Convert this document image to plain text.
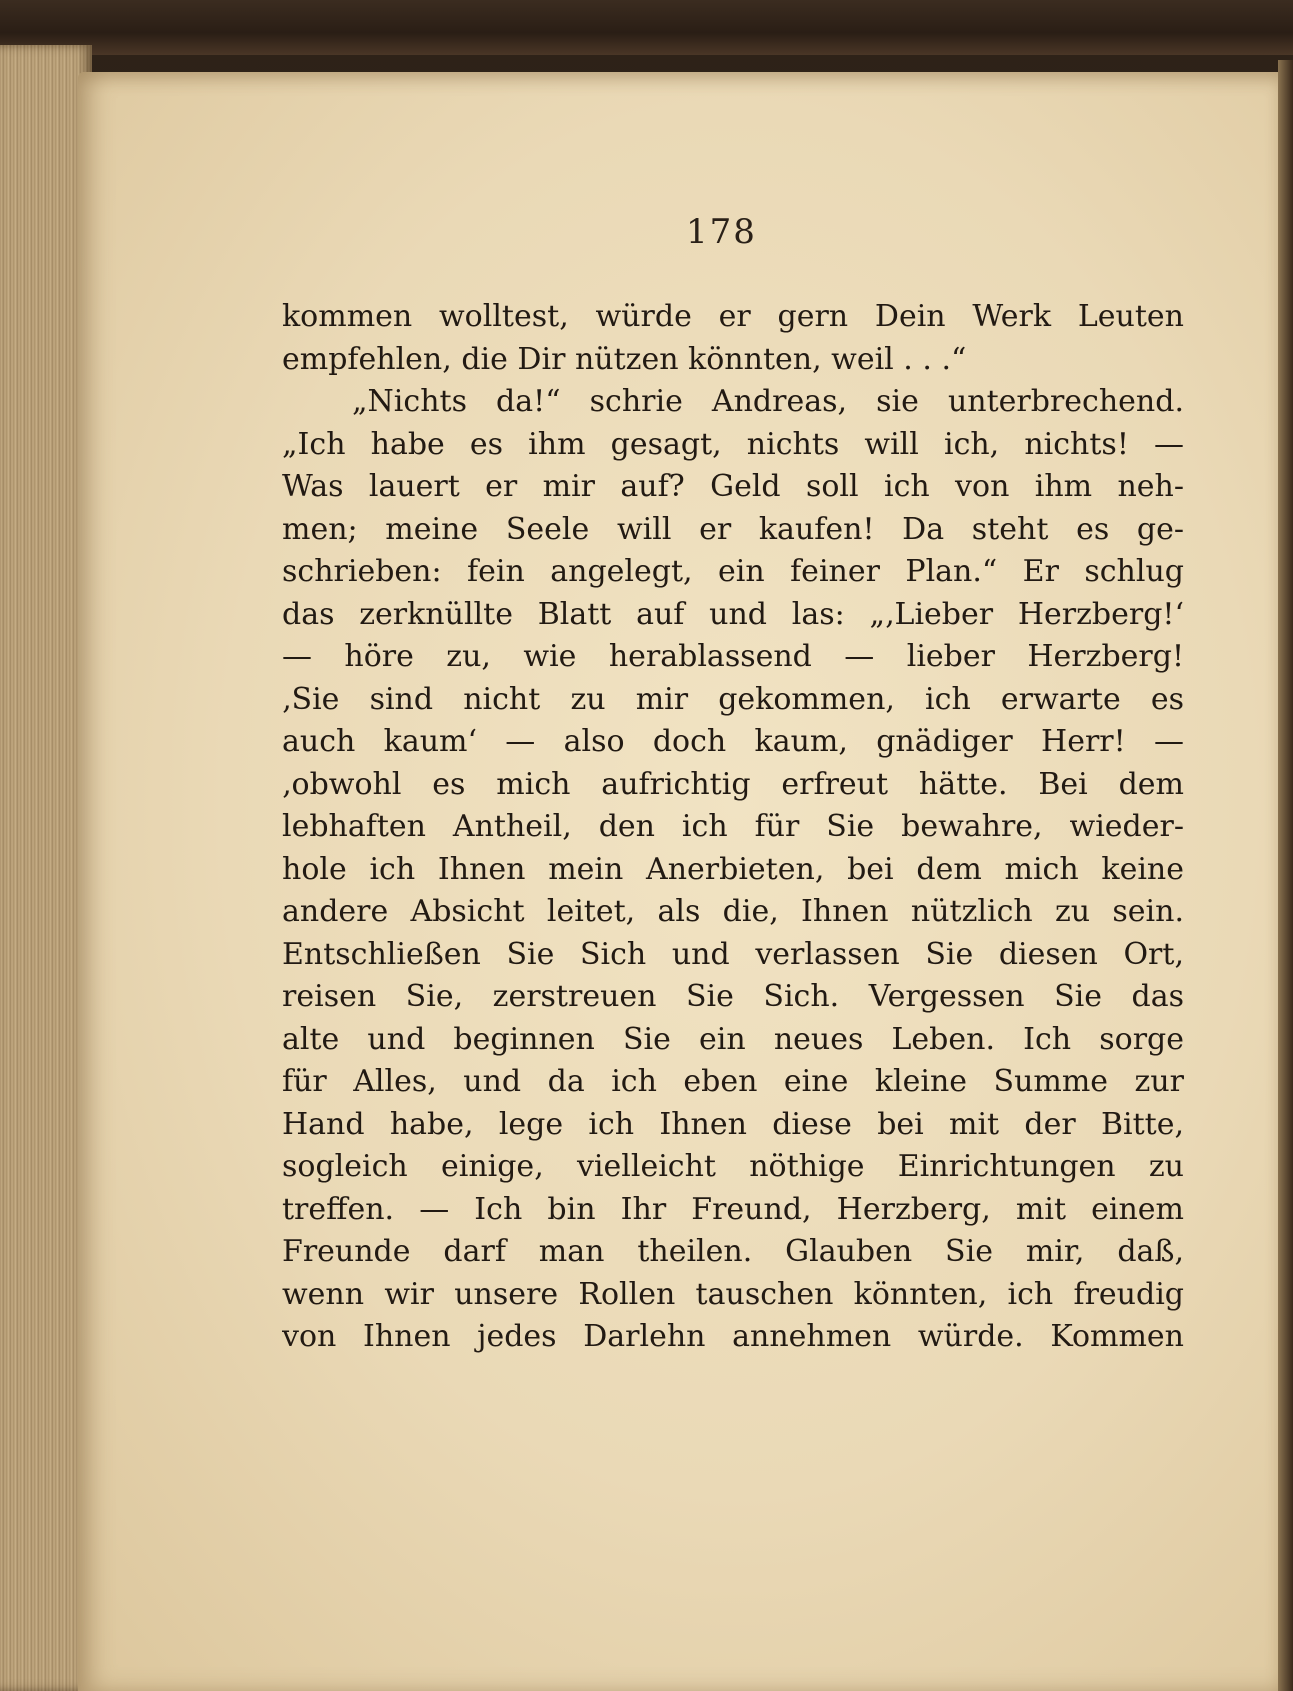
178
kommen wolltest, würde er gern Dein Werk Leuten
empfehlen, die Dir nützen könnten, weil . . .“
„Nichts da!“ schrie Andreas, sie unterbrechend.
„Ich habe es ihm gesagt, nichts will ich, nichts! —
Was lauert er mir auf? Geld soll ich von ihm neh-
men; meine Seele will er kaufen! Da steht es ge-
schrieben: fein angelegt, ein feiner Plan.“ Er schlug
das zerknüllte Blatt auf und las: „‚Lieber Herzberg!‘
— höre zu, wie herablassend — lieber Herzberg!
‚Sie sind nicht zu mir gekommen, ich erwarte es
auch kaum‘ — also doch kaum, gnädiger Herr! —
‚obwohl es mich aufrichtig erfreut hätte. Bei dem
lebhaften Antheil, den ich für Sie bewahre, wieder-
hole ich Ihnen mein Anerbieten, bei dem mich keine
andere Absicht leitet, als die, Ihnen nützlich zu sein.
Entschließen Sie Sich und verlassen Sie diesen Ort,
reisen Sie, zerstreuen Sie Sich. Vergessen Sie das
alte und beginnen Sie ein neues Leben. Ich sorge
für Alles, und da ich eben eine kleine Summe zur
Hand habe, lege ich Ihnen diese bei mit der Bitte,
sogleich einige, vielleicht nöthige Einrichtungen zu
treffen. — Ich bin Ihr Freund, Herzberg, mit einem
Freunde darf man theilen. Glauben Sie mir, daß,
wenn wir unsere Rollen tauschen könnten, ich freudig
von Ihnen jedes Darlehn annehmen würde. Kommen
